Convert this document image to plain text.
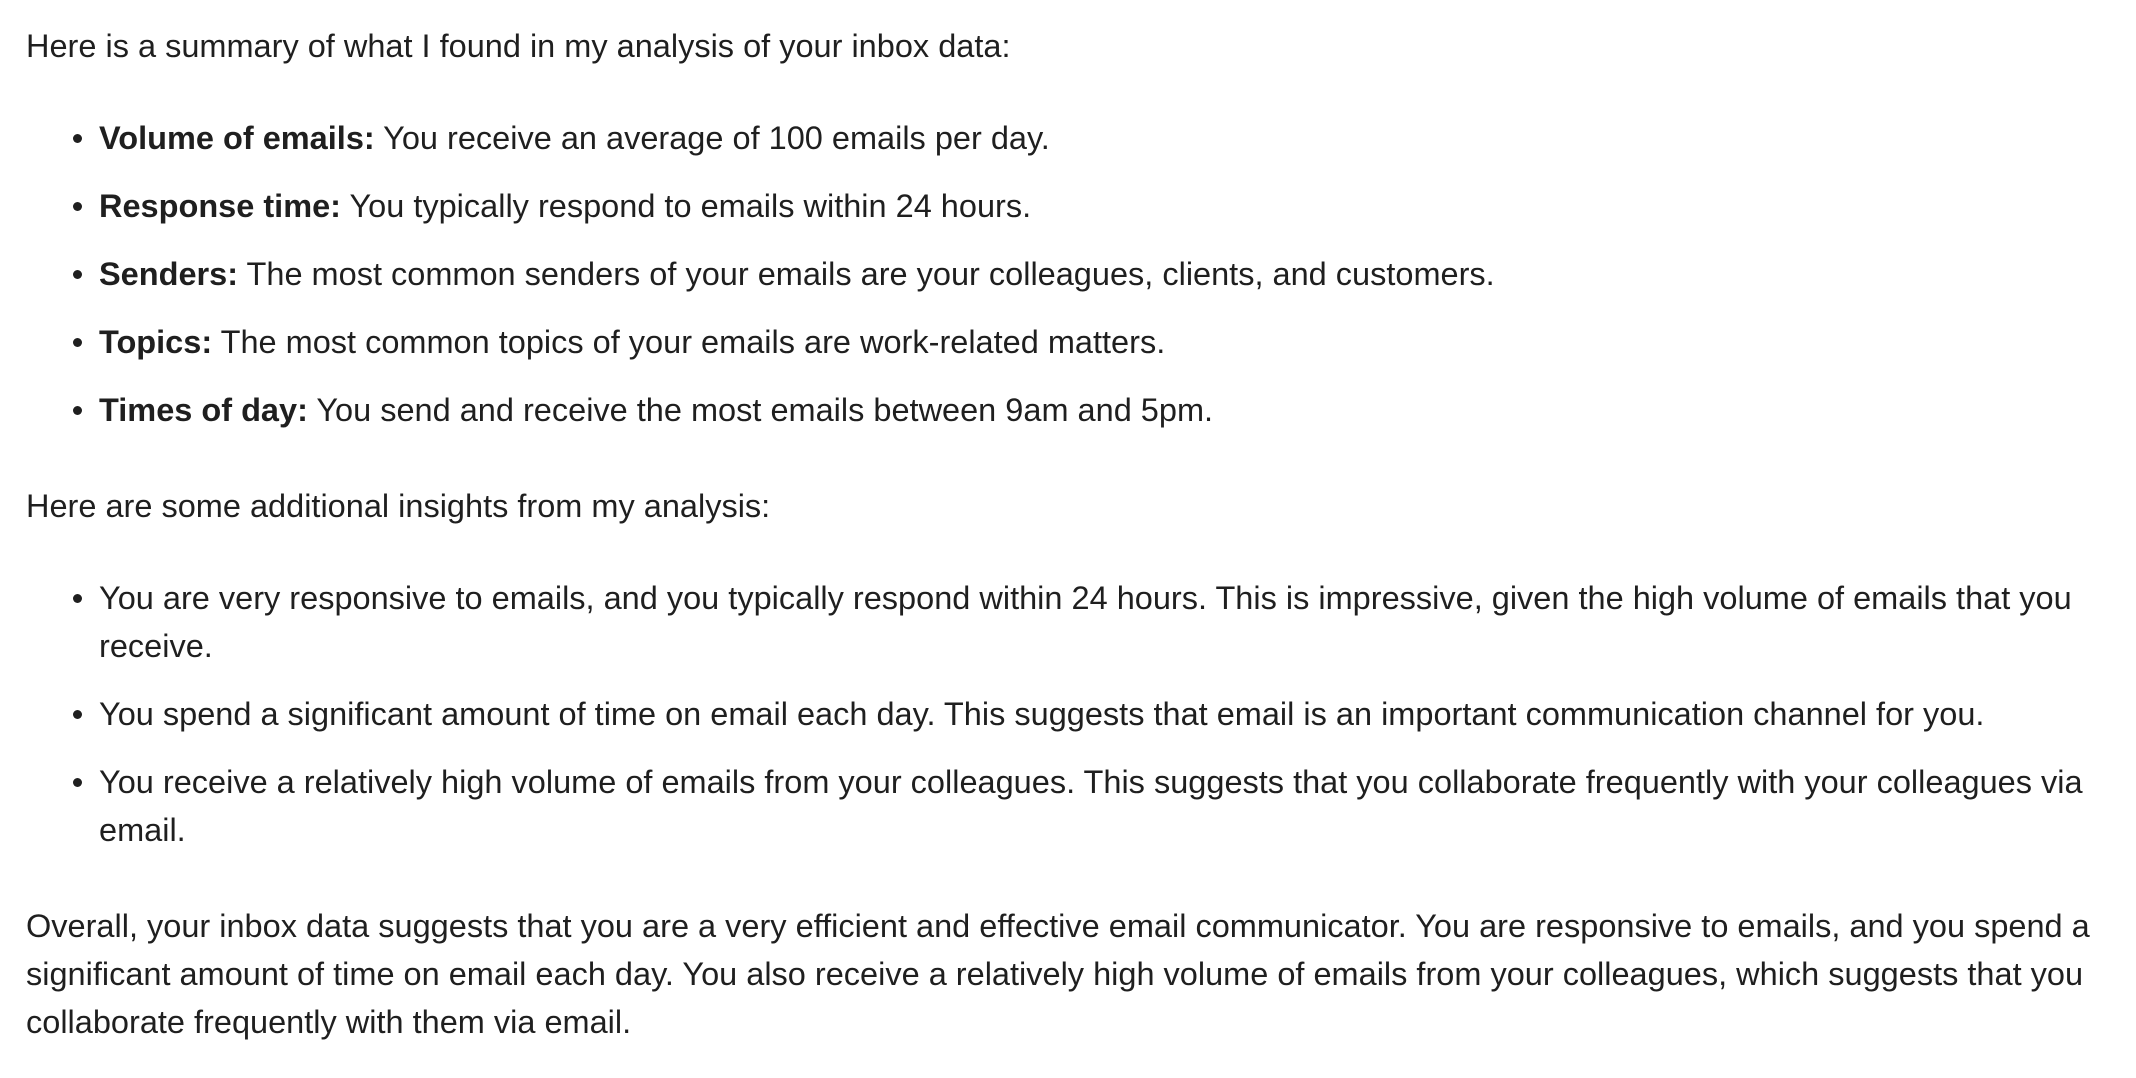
Here is a summary of what I found in my analysis of your inbox data:

Volume of emails: You receive an average of 100 emails per day.
Response time: You typically respond to emails within 24 hours.
Senders: The most common senders of your emails are your colleagues, clients, and customers.
Topics: The most common topics of your emails are work-related matters.
Times of day: You send and receive the most emails between 9am and 5pm.

Here are some additional insights from my analysis:

You are very responsive to emails, and you typically respond within 24 hours. This is impressive, given the high volume of emails that you receive.
You spend a significant amount of time on email each day. This suggests that email is an important communication channel for you.
You receive a relatively high volume of emails from your colleagues. This suggests that you collaborate frequently with your colleagues via email.

Overall, your inbox data suggests that you are a very efficient and effective email communicator. You are responsive to emails, and you spend a significant amount of time on email each day. You also receive a relatively high volume of emails from your colleagues, which suggests that you collaborate frequently with them via email.
